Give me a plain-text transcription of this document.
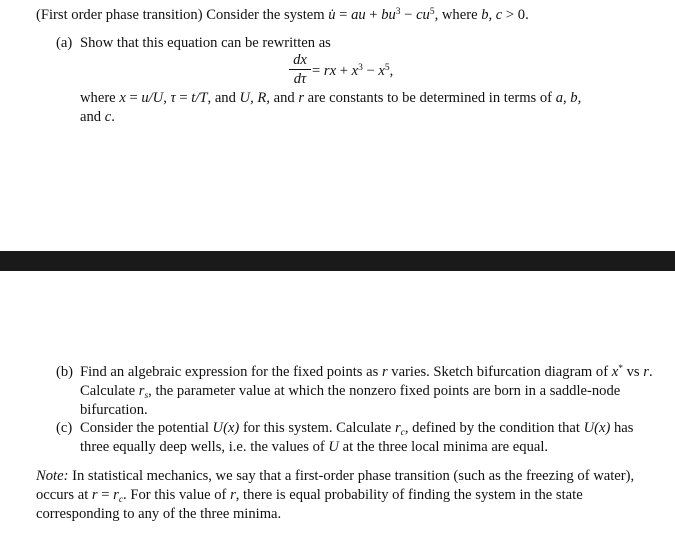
(First order phase transition) Consider the system u̇ = au + $bu^3 - cu^5$, where b, c > 0.
(a) Show that this equation can be rewritten as
dx
dτ = rx + $x^3 - x^5$,
where x = u/U, τ = t/T, and U, R, and r are constants to be determined in terms of a, b,
and c.
(b) Find an algebraic expression for the fixed points as r varies. Sketch bifurcation diagram of x* vs r. Calculate $r_s$, the parameter value at which the nonzero fixed points are born in a saddle-node bifurcation.
(c) Consider the potential U(x) for this system. Calculate $r_c$, defined by the condition that U(x) has three equally deep wells, i.e. the values of U at the three local minima are equal.
Note: In statistical mechanics, we say that a first-order phase transition (such as the freezing of water), occurs at $r = r_c$. For this value of r, there is equal probability of finding the system in the state corresponding to any of the three minima.
